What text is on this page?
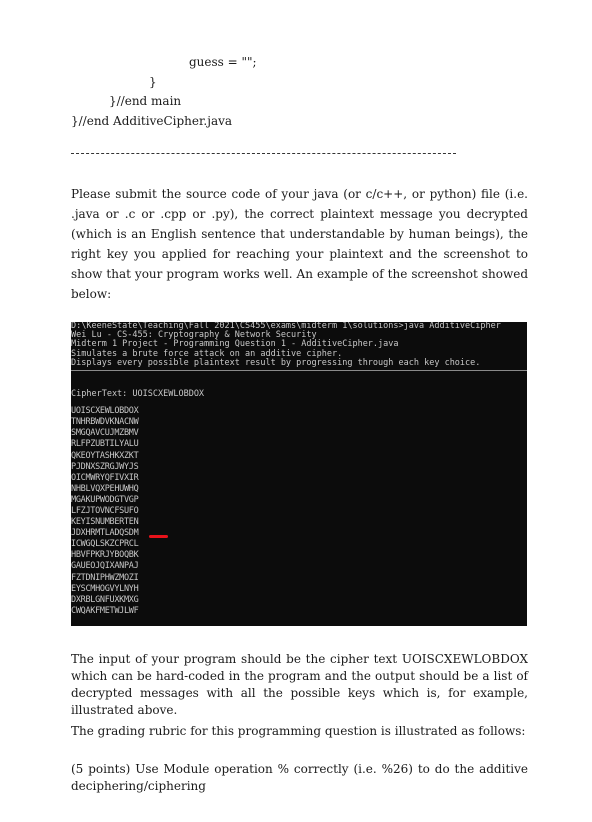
guess = "";
}
}//end main
}//end AdditiveCipher.java
Please submit the source code of your java (or c/c++, or python) file (i.e. .java or .c or .cpp or .py), the correct plaintext message you decrypted (which is an English sentence that understandable by human beings), the right key you applied for reaching your plaintext and the screenshot to show that your program works well. An example of the screenshot showed below:
D:\KeeneState\Teaching\Fall 2021\CS455\exams\midterm 1\solutions>java AdditiveCipher
Wei Lu - CS-455: Cryptography & Network Security
Midterm 1 Project - Programming Question 1 - AdditiveCipher.java
Simulates a brute force attack on an additive cipher.
Displays every possible plaintext result by progressing through each key choice.
CipherText: UOISCXEWLOBDOX
UOISCXEWLOBDOX
TNHRBWDVKNACNW
SMGQAVCUJMZBMV
RLFPZUBTILYALU
QKEOYTASHKXZKT
PJDNXSZRGJWYJS
OICMWRYQFIVXIR
NHBLVQXPEHUWHQ
MGAKUPWODGTVGP
LFZJTOVNCFSUFO
KEYISNUMBERTEN
JDXHRMTLADQSDM
ICWGQLSKZCPRCL
HBVFPKRJYBOQBK
GAUEOJQIXANPAJ
FZTDNIPHWZMOZI
EYSCMHOGVYLNYH
DXRBLGNFUXKMXG
CWQAKFMETWJLWF
The input of your program should be the cipher text UOISCXEWLOBDOX which can be hard-coded in the program and the output should be a list of decrypted messages with all the possible keys which is, for example, illustrated above.
The grading rubric for this programming question is illustrated as follows:
(5 points) Use Module operation % correctly (i.e. %26) to do the additive deciphering/ciphering
